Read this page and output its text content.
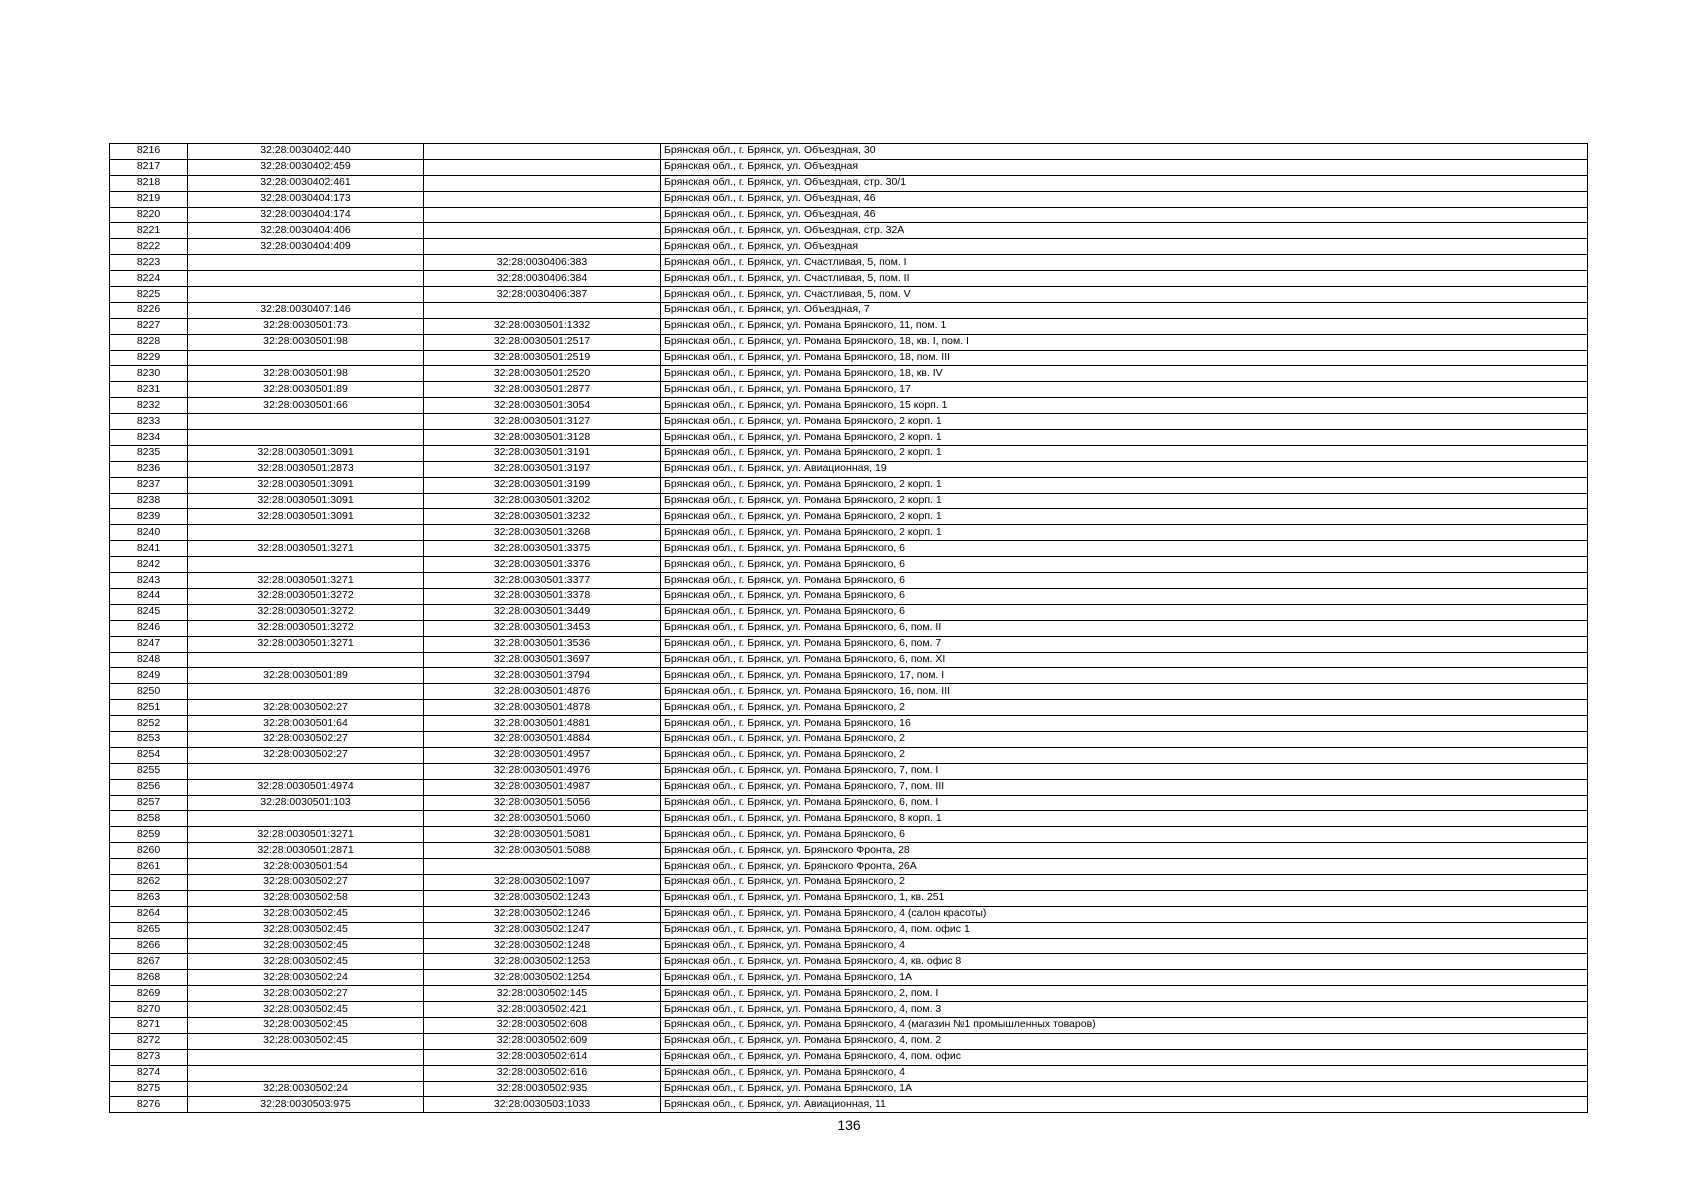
8216	32:28:0030402:440		Брянская обл., г. Брянск, ул. Объездная, 30
8217	32:28:0030402:459		Брянская обл., г. Брянск, ул. Объездная
8218	32:28:0030402:461		Брянская обл., г. Брянск, ул. Объездная, стр. 30/1
8219	32:28:0030404:173		Брянская обл., г. Брянск, ул. Объездная, 46
8220	32:28:0030404:174		Брянская обл., г. Брянск, ул. Объездная, 46
8221	32:28:0030404:406		Брянская обл., г. Брянск, ул. Объездная, стр. 32А
8222	32:28:0030404:409		Брянская обл., г. Брянск, ул. Объездная
8223		32:28:0030406:383	Брянская обл., г. Брянск, ул. Счастливая, 5, пом. I
8224		32:28:0030406:384	Брянская обл., г. Брянск, ул. Счастливая, 5, пом. II
8225		32:28:0030406:387	Брянская обл., г. Брянск, ул. Счастливая, 5, пом. V
8226	32:28:0030407:146		Брянская обл., г. Брянск, ул. Объездная, 7
8227	32:28:0030501:73	32:28:0030501:1332	Брянская обл., г. Брянск, ул. Романа Брянского, 11, пом. 1
8228	32:28:0030501:98	32:28:0030501:2517	Брянская обл., г. Брянск, ул. Романа Брянского, 18, кв. I, пом. I
8229		32:28:0030501:2519	Брянская обл., г. Брянск, ул. Романа Брянского, 18, пом. III
8230	32:28:0030501:98	32:28:0030501:2520	Брянская обл., г. Брянск, ул. Романа Брянского, 18, кв. IV
8231	32:28:0030501:89	32:28:0030501:2877	Брянская обл., г. Брянск, ул. Романа Брянского, 17
8232	32:28:0030501:66	32:28:0030501:3054	Брянская обл., г. Брянск, ул. Романа Брянского, 15 корп. 1
8233		32:28:0030501:3127	Брянская обл., г. Брянск, ул. Романа Брянского, 2 корп. 1
8234		32:28:0030501:3128	Брянская обл., г. Брянск, ул. Романа Брянского, 2 корп. 1
8235	32:28:0030501:3091	32:28:0030501:3191	Брянская обл., г. Брянск, ул. Романа Брянского, 2 корп. 1
8236	32:28:0030501:2873	32:28:0030501:3197	Брянская обл., г. Брянск, ул. Авиационная, 19
8237	32:28:0030501:3091	32:28:0030501:3199	Брянская обл., г. Брянск, ул. Романа Брянского, 2 корп. 1
8238	32:28:0030501:3091	32:28:0030501:3202	Брянская обл., г. Брянск, ул. Романа Брянского, 2 корп. 1
8239	32:28:0030501:3091	32:28:0030501:3232	Брянская обл., г. Брянск, ул. Романа Брянского, 2 корп. 1
8240		32:28:0030501:3268	Брянская обл., г. Брянск, ул. Романа Брянского, 2 корп. 1
8241	32:28:0030501:3271	32:28:0030501:3375	Брянская обл., г. Брянск, ул. Романа Брянского, 6
8242		32:28:0030501:3376	Брянская обл., г. Брянск, ул. Романа Брянского, 6
8243	32:28:0030501:3271	32:28:0030501:3377	Брянская обл., г. Брянск, ул. Романа Брянского, 6
8244	32:28:0030501:3272	32:28:0030501:3378	Брянская обл., г. Брянск, ул. Романа Брянского, 6
8245	32:28:0030501:3272	32:28:0030501:3449	Брянская обл., г. Брянск, ул. Романа Брянского, 6
8246	32:28:0030501:3272	32:28:0030501:3453	Брянская обл., г. Брянск, ул. Романа Брянского, 6, пом. II
8247	32:28:0030501:3271	32:28:0030501:3536	Брянская обл., г. Брянск, ул. Романа Брянского, 6, пом. 7
8248		32:28:0030501:3697	Брянская обл., г. Брянск, ул. Романа Брянского, 6, пом. XI
8249	32:28:0030501:89	32:28:0030501:3794	Брянская обл., г. Брянск, ул. Романа Брянского, 17, пом. I
8250		32:28:0030501:4876	Брянская обл., г. Брянск, ул. Романа Брянского, 16, пом. III
8251	32:28:0030502:27	32:28:0030501:4878	Брянская обл., г. Брянск, ул. Романа Брянского, 2
8252	32:28:0030501:64	32:28:0030501:4881	Брянская обл., г. Брянск, ул. Романа Брянского, 16
8253	32:28:0030502:27	32:28:0030501:4884	Брянская обл., г. Брянск, ул. Романа Брянского, 2
8254	32:28:0030502:27	32:28:0030501:4957	Брянская обл., г. Брянск, ул. Романа Брянского, 2
8255		32:28:0030501:4976	Брянская обл., г. Брянск, ул. Романа Брянского, 7, пом. I
8256	32:28:0030501:4974	32:28:0030501:4987	Брянская обл., г. Брянск, ул. Романа Брянского, 7, пом. III
8257	32:28:0030501:103	32:28:0030501:5056	Брянская обл., г. Брянск, ул. Романа Брянского, 6, пом. I
8258		32:28:0030501:5060	Брянская обл., г. Брянск, ул. Романа Брянского, 8 корп. 1
8259	32:28:0030501:3271	32:28:0030501:5081	Брянская обл., г. Брянск, ул. Романа Брянского, 6
8260	32:28:0030501:2871	32:28:0030501:5088	Брянская обл., г. Брянск, ул. Брянского Фронта, 28
8261	32:28:0030501:54		Брянская обл., г. Брянск, ул. Брянского Фронта, 26А
8262	32:28:0030502:27	32:28:0030502:1097	Брянская обл., г. Брянск, ул. Романа Брянского, 2
8263	32:28:0030502:58	32:28:0030502:1243	Брянская обл., г. Брянск, ул. Романа Брянского, 1, кв. 251
8264	32:28:0030502:45	32:28:0030502:1246	Брянская обл., г. Брянск, ул. Романа Брянского, 4 (салон красоты)
8265	32:28:0030502:45	32:28:0030502:1247	Брянская обл., г. Брянск, ул. Романа Брянского, 4, пом. офис 1
8266	32:28:0030502:45	32:28:0030502:1248	Брянская обл., г. Брянск, ул. Романа Брянского, 4
8267	32:28:0030502:45	32:28:0030502:1253	Брянская обл., г. Брянск, ул. Романа Брянского, 4, кв. офис 8
8268	32:28:0030502:24	32:28:0030502:1254	Брянская обл., г. Брянск, ул. Романа Брянского, 1А
8269	32:28:0030502:27	32:28:0030502:145	Брянская обл., г. Брянск, ул. Романа Брянского, 2, пом. I
8270	32:28:0030502:45	32:28:0030502:421	Брянская обл., г. Брянск, ул. Романа Брянского, 4, пом. 3
8271	32:28:0030502:45	32:28:0030502:608	Брянская обл., г. Брянск, ул. Романа Брянского, 4 (магазин №1 промышленных товаров)
8272	32:28:0030502:45	32:28:0030502:609	Брянская обл., г. Брянск, ул. Романа Брянского, 4, пом. 2
8273		32:28:0030502:614	Брянская обл., г. Брянск, ул. Романа Брянского, 4, пом. офис
8274		32:28:0030502:616	Брянская обл., г. Брянск, ул. Романа Брянского, 4
8275	32:28:0030502:24	32:28:0030502:935	Брянская обл., г. Брянск, ул. Романа Брянского, 1А
8276	32:28:0030503:975	32:28:0030503:1033	Брянская обл., г. Брянск, ул. Авиационная, 11
136
